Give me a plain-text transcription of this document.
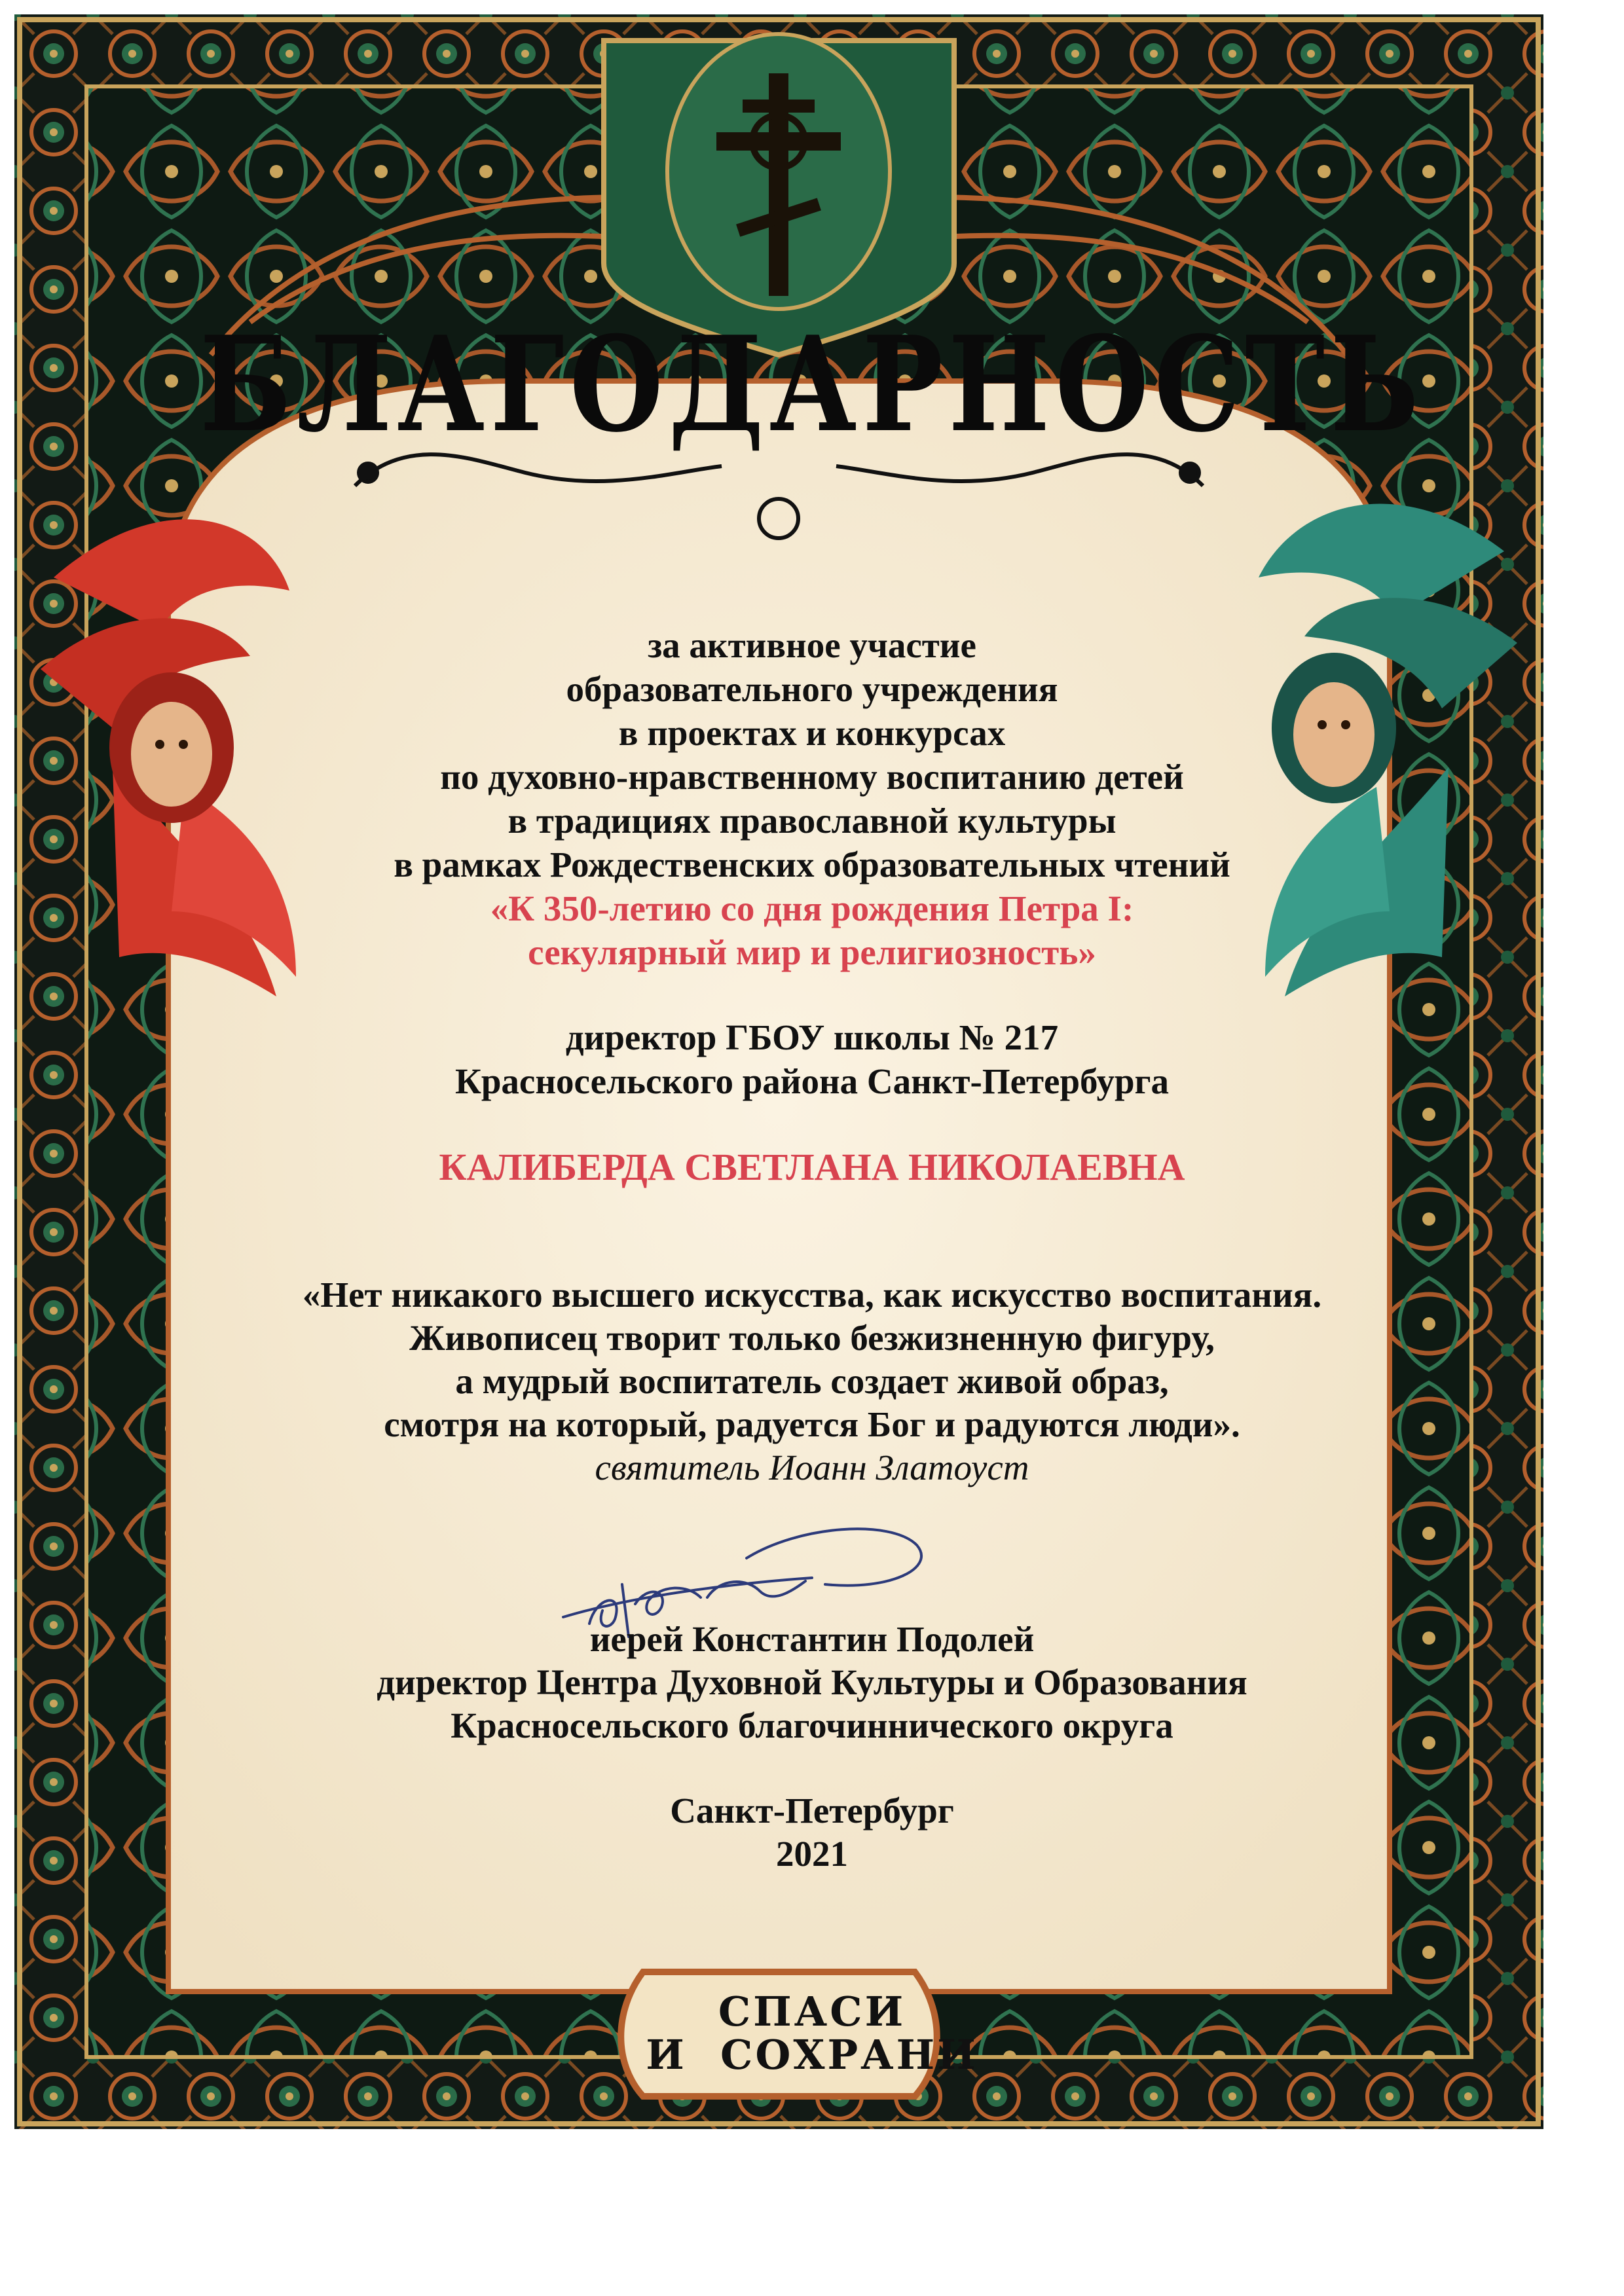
БЛАГОДАРНОСТЬ
за активное участие
образовательного учреждения
в проектах и конкурсах
по духовно-нравственному воспитанию детей
в традициях православной культуры
в рамках Рождественских образовательных чтений
«К 350-летию со дня рождения Петра I:
секулярный мир и религиозность»
директор ГБОУ школы № 217
Красносельского района Санкт-Петербурга
КАЛИБЕРДА СВЕТЛАНА НИКОЛАЕВНА
«Нет никакого высшего искусства, как искусство воспитания.
Живописец творит только безжизненную фигуру,
а мудрый воспитатель создает живой образ,
смотря на который, радуется Бог и радуются люди».
святитель Иоанн Златоуст
иерей Константин Подолей
директор Центра Духовной Культуры и Образования
Красносельского благочиннического округа
Санкт-Петербург
2021
СПАСИ
И  СОХРАНИ
